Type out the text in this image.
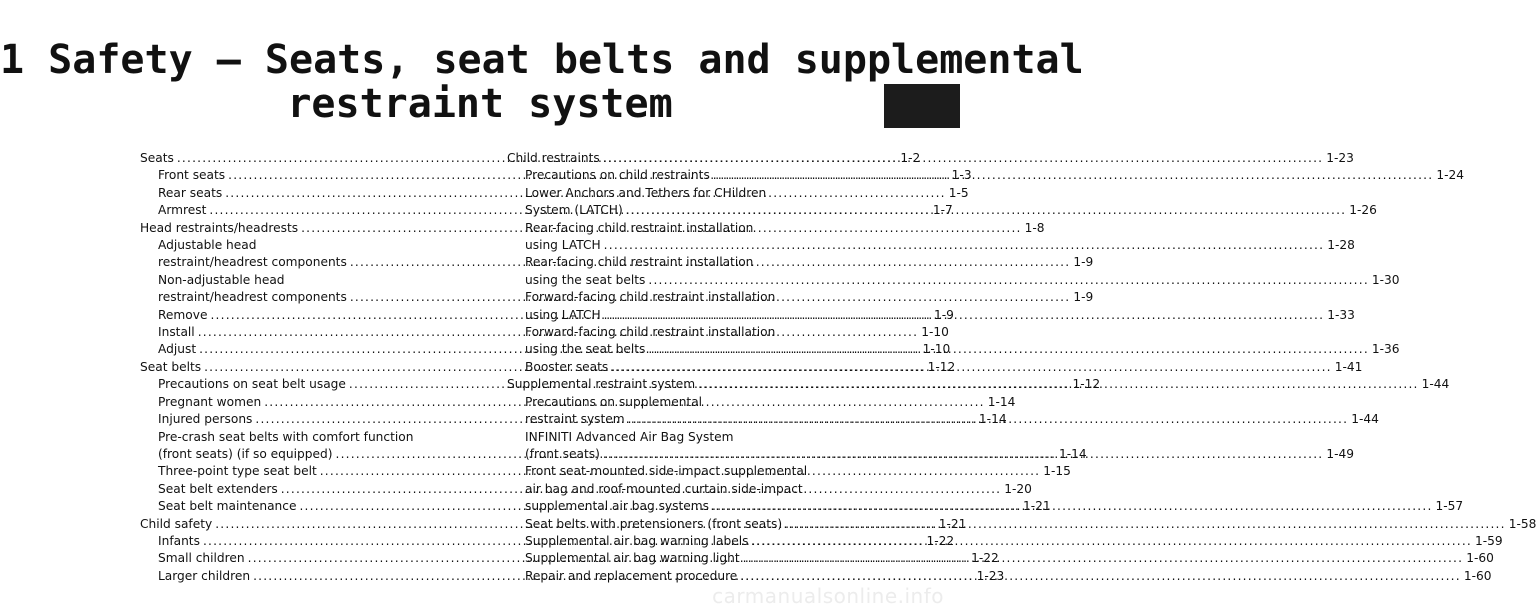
1 Safety — Seats, seat belts and supplemental
restraint system
Seats .....	1-2
Front seats .....	1-3
Rear seats .....	1-5
Armrest .....	1-7
Head restraints/headrests .....	1-8
Adjustable head
restraint/headrest components .....	1-9
Non-adjustable head
restraint/headrest components .....	1-9
Remove .....	1-9
Install .....	1-10
Adjust .....	1-10
Seat belts .....	1-12
Precautions on seat belt usage .....	1-12
Pregnant women .....	1-14
Injured persons .....	1-14
Pre-crash seat belts with comfort function
(front seats) (if so equipped) .....	1-14
Three-point type seat belt .....	1-15
Seat belt extenders .....	1-20
Seat belt maintenance .....	1-21
Child safety .....	1-21
Infants .....	1-22
Small children .....	1-22
Larger children .....	1-23
Child restraints .....	1-23
Precautions on child restraints .....	1-24
Lower Anchors and Tethers for CHildren
System (LATCH) .....	1-26
Rear-facing child restraint installation
using LATCH .....	1-28
Rear-facing child restraint installation
using the seat belts .....	1-30
Forward-facing child restraint installation
using LATCH .....	1-33
Forward-facing child restraint installation
using the seat belts .....	1-36
Booster seats .....	1-41
Supplemental restraint system .....	1-44
Precautions on supplemental
restraint system .....	1-44
INFINITI Advanced Air Bag System
(front seats) .....	1-49
Front seat-mounted side-impact supplemental
air bag and roof-mounted curtain side-impact
supplemental air bag systems .....	1-57
Seat belts with pretensioners (front seats) .....	1-58
Supplemental air bag warning labels .....	1-59
Supplemental air bag warning light .....	1-60
Repair and replacement procedure .....	1-60
carmanualsonline.info
